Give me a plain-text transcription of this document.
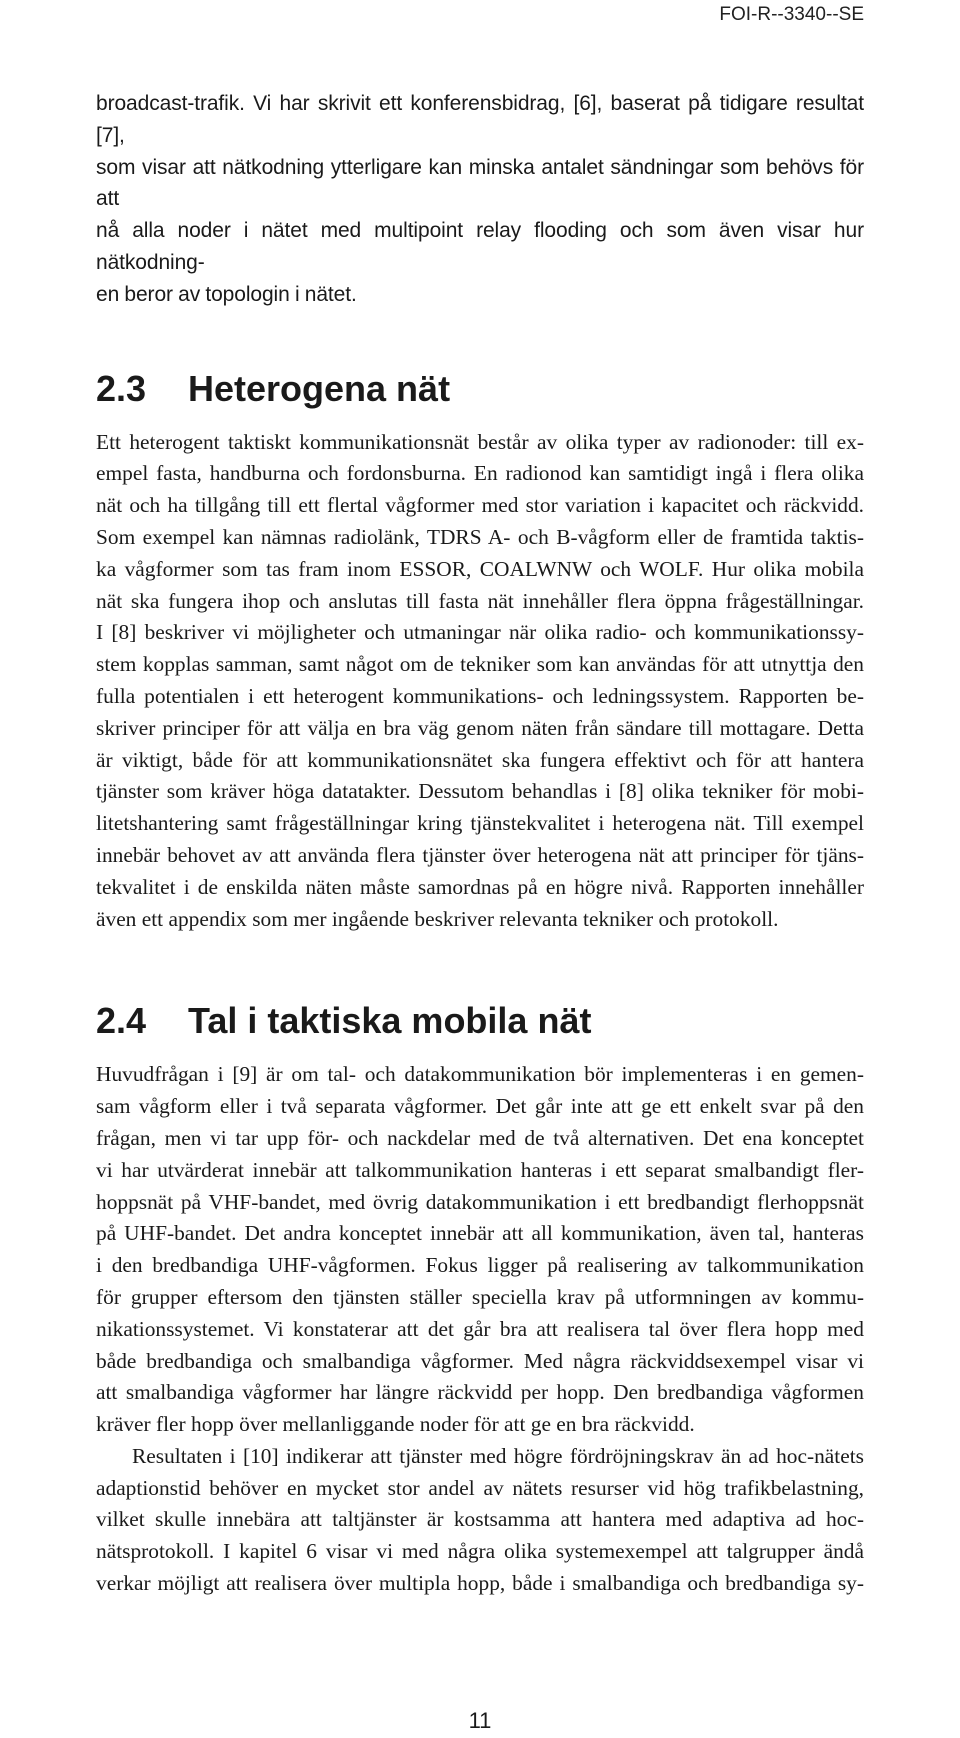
FOI-R--3340--SE
broadcast-trafik. Vi har skrivit ett konferensbidrag, [6], baserat på tidigare resultat [7],
som visar att nätkodning ytterligare kan minska antalet sändningar som behövs för att
nå alla noder i nätet med multipoint relay flooding och som även visar hur nätkodning-
en beror av topologin i nätet.
2.3 Heterogena nät
Ett heterogent taktiskt kommunikationsnät består av olika typer av radionoder: till ex-
empel fasta, handburna och fordonsburna. En radionod kan samtidigt ingå i flera olika
nät och ha tillgång till ett flertal vågformer med stor variation i kapacitet och räckvidd.
Som exempel kan nämnas radiolänk, TDRS A- och B-vågform eller de framtida taktis-
ka vågformer som tas fram inom ESSOR, COALWNW och WOLF. Hur olika mobila
nät ska fungera ihop och anslutas till fasta nät innehåller flera öppna frågeställningar.
I [8] beskriver vi möjligheter och utmaningar när olika radio- och kommunikationssy-
stem kopplas samman, samt något om de tekniker som kan användas för att utnyttja den
fulla potentialen i ett heterogent kommunikations- och ledningssystem. Rapporten be-
skriver principer för att välja en bra väg genom näten från sändare till mottagare. Detta
är viktigt, både för att kommunikationsnätet ska fungera effektivt och för att hantera
tjänster som kräver höga datatakter. Dessutom behandlas i [8] olika tekniker för mobi-
litetshantering samt frågeställningar kring tjänstekvalitet i heterogena nät. Till exempel
innebär behovet av att använda flera tjänster över heterogena nät att principer för tjäns-
tekvalitet i de enskilda näten måste samordnas på en högre nivå. Rapporten innehåller
även ett appendix som mer ingående beskriver relevanta tekniker och protokoll.
2.4 Tal i taktiska mobila nät
Huvudfrågan i [9] är om tal- och datakommunikation bör implementeras i en gemen-
sam vågform eller i två separata vågformer. Det går inte att ge ett enkelt svar på den
frågan, men vi tar upp för- och nackdelar med de två alternativen. Det ena konceptet
vi har utvärderat innebär att talkommunikation hanteras i ett separat smalbandigt fler-
hoppsnät på VHF-bandet, med övrig datakommunikation i ett bredbandigt flerhoppsnät
på UHF-bandet. Det andra konceptet innebär att all kommunikation, även tal, hanteras
i den bredbandiga UHF-vågformen. Fokus ligger på realisering av talkommunikation
för grupper eftersom den tjänsten ställer speciella krav på utformningen av kommu-
nikationssystemet. Vi konstaterar att det går bra att realisera tal över flera hopp med
både bredbandiga och smalbandiga vågformer. Med några räckviddsexempel visar vi
att smalbandiga vågformer har längre räckvidd per hopp. Den bredbandiga vågformen
kräver fler hopp över mellanliggande noder för att ge en bra räckvidd.
Resultaten i [10] indikerar att tjänster med högre fördröjningskrav än ad hoc-nätets
adaptionstid behöver en mycket stor andel av nätets resurser vid hög trafikbelastning,
vilket skulle innebära att taltjänster är kostsamma att hantera med adaptiva ad hoc-
nätsprotokoll. I kapitel 6 visar vi med några olika systemexempel att talgrupper ändå
verkar möjligt att realisera över multipla hopp, både i smalbandiga och bredbandiga sy-
11
